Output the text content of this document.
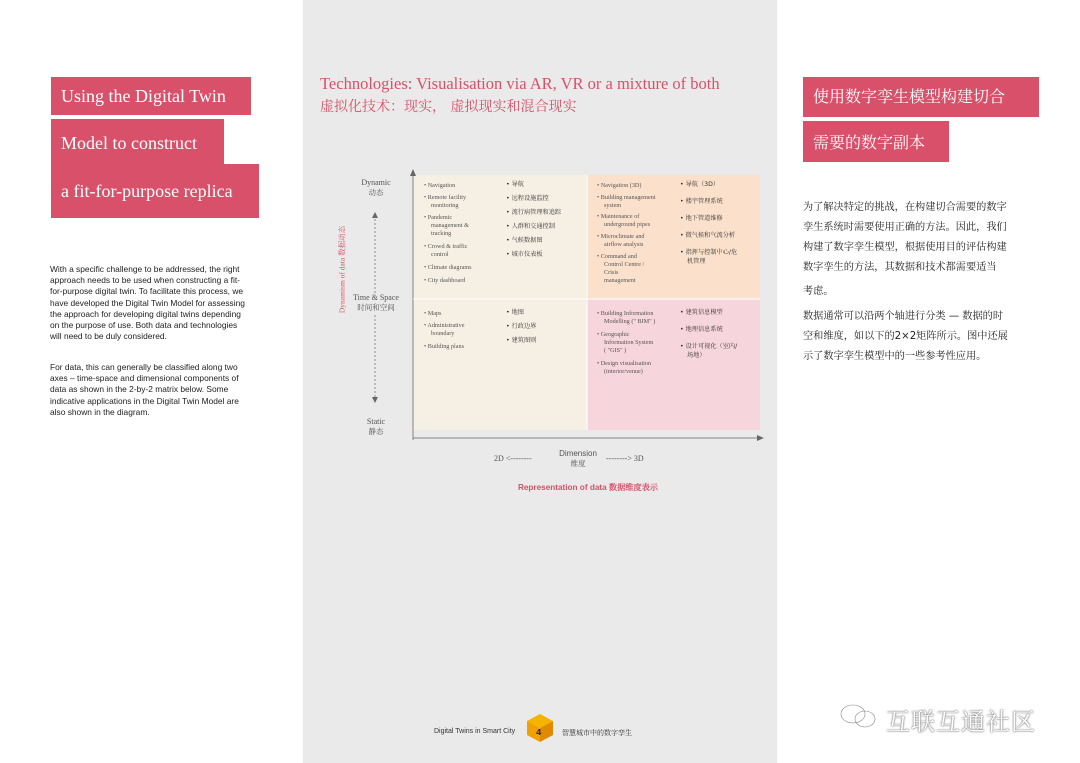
Using the Digital Twin
Model to construct
a fit-for-purpose replica
With a specific challenge to be addressed, the right
approach needs to be used when constructing a fit-
for-purpose digital twin. To facilitate this process, we
have developed the Digital Twin Model for assessing
the approach for developing digital twins depending
on the purpose of use. Both data and technologies
will need to be duly considered.
For data, this can generally be classified along two
axes – time-space and dimensional components of
data as shown in the 2-by-2 matrix below. Some
indicative applications in the Digital Twin Model are
also shown in the diagram.
Technologies: Visualisation via AR, VR or a mixture of both
虚拟化技术：现实， 虚拟现实和混合现实
Dynamic
动态
Time & Space
时间和空间
Static
静态
Dynamism of data 数据动态
Dimension
维度
2D <--------	--------> 3D
Representation of data 数据维度表示
• Navigation
• Remote facility
monitoring
• Pandemic
management &
tracking
• Crowd & traffic
control
• Climate diagrams
• City dashboard
• 导航
• 远程设施监控
• 流行病管理和追踪
• 人群和交通控制
• 气候数据图
• 城市仪表板
• Navigation (3D)
• Building management
system
• Maintenance of
underground pipes
• Microclimate and
airflow analysis
• Command and
Control Centre /
Crisis
management
• 导航（3D）
• 楼宇管理系统
• 地下管道维修
• 微气候和气流分析
• 指挥与控制中心/危
机管理
• Maps
• Administrative
boundary
• Building plans
• 地图
• 行政边界
• 建筑图则
• Building Information
Modelling (" BIM" )
• Geographic
Information System
( "GIS" )
• Design visualisation
(interior/venue)
• 建筑信息模型
• 地理信息系统
• 设计可视化（室内/
场地）
使用数字孪生模型构建切合
需要的数字副本
为了解决特定的挑战，在构建切合需要的数字
孪生系统时需要使用正确的方法。因此，我们
构建了数字孪生模型，根据使用目的评估构建
数字孪生的方法，其数据和技术都需要适当
考虑。
数据通常可以沿两个轴进行分类 — 数据的时
空和维度，如以下的2×2矩阵所示。图中还展
示了数字孪生模型中的一些参考性应用。
Digital Twins in Smart City	4	智慧城市中的数字孪生	互联互通社区
